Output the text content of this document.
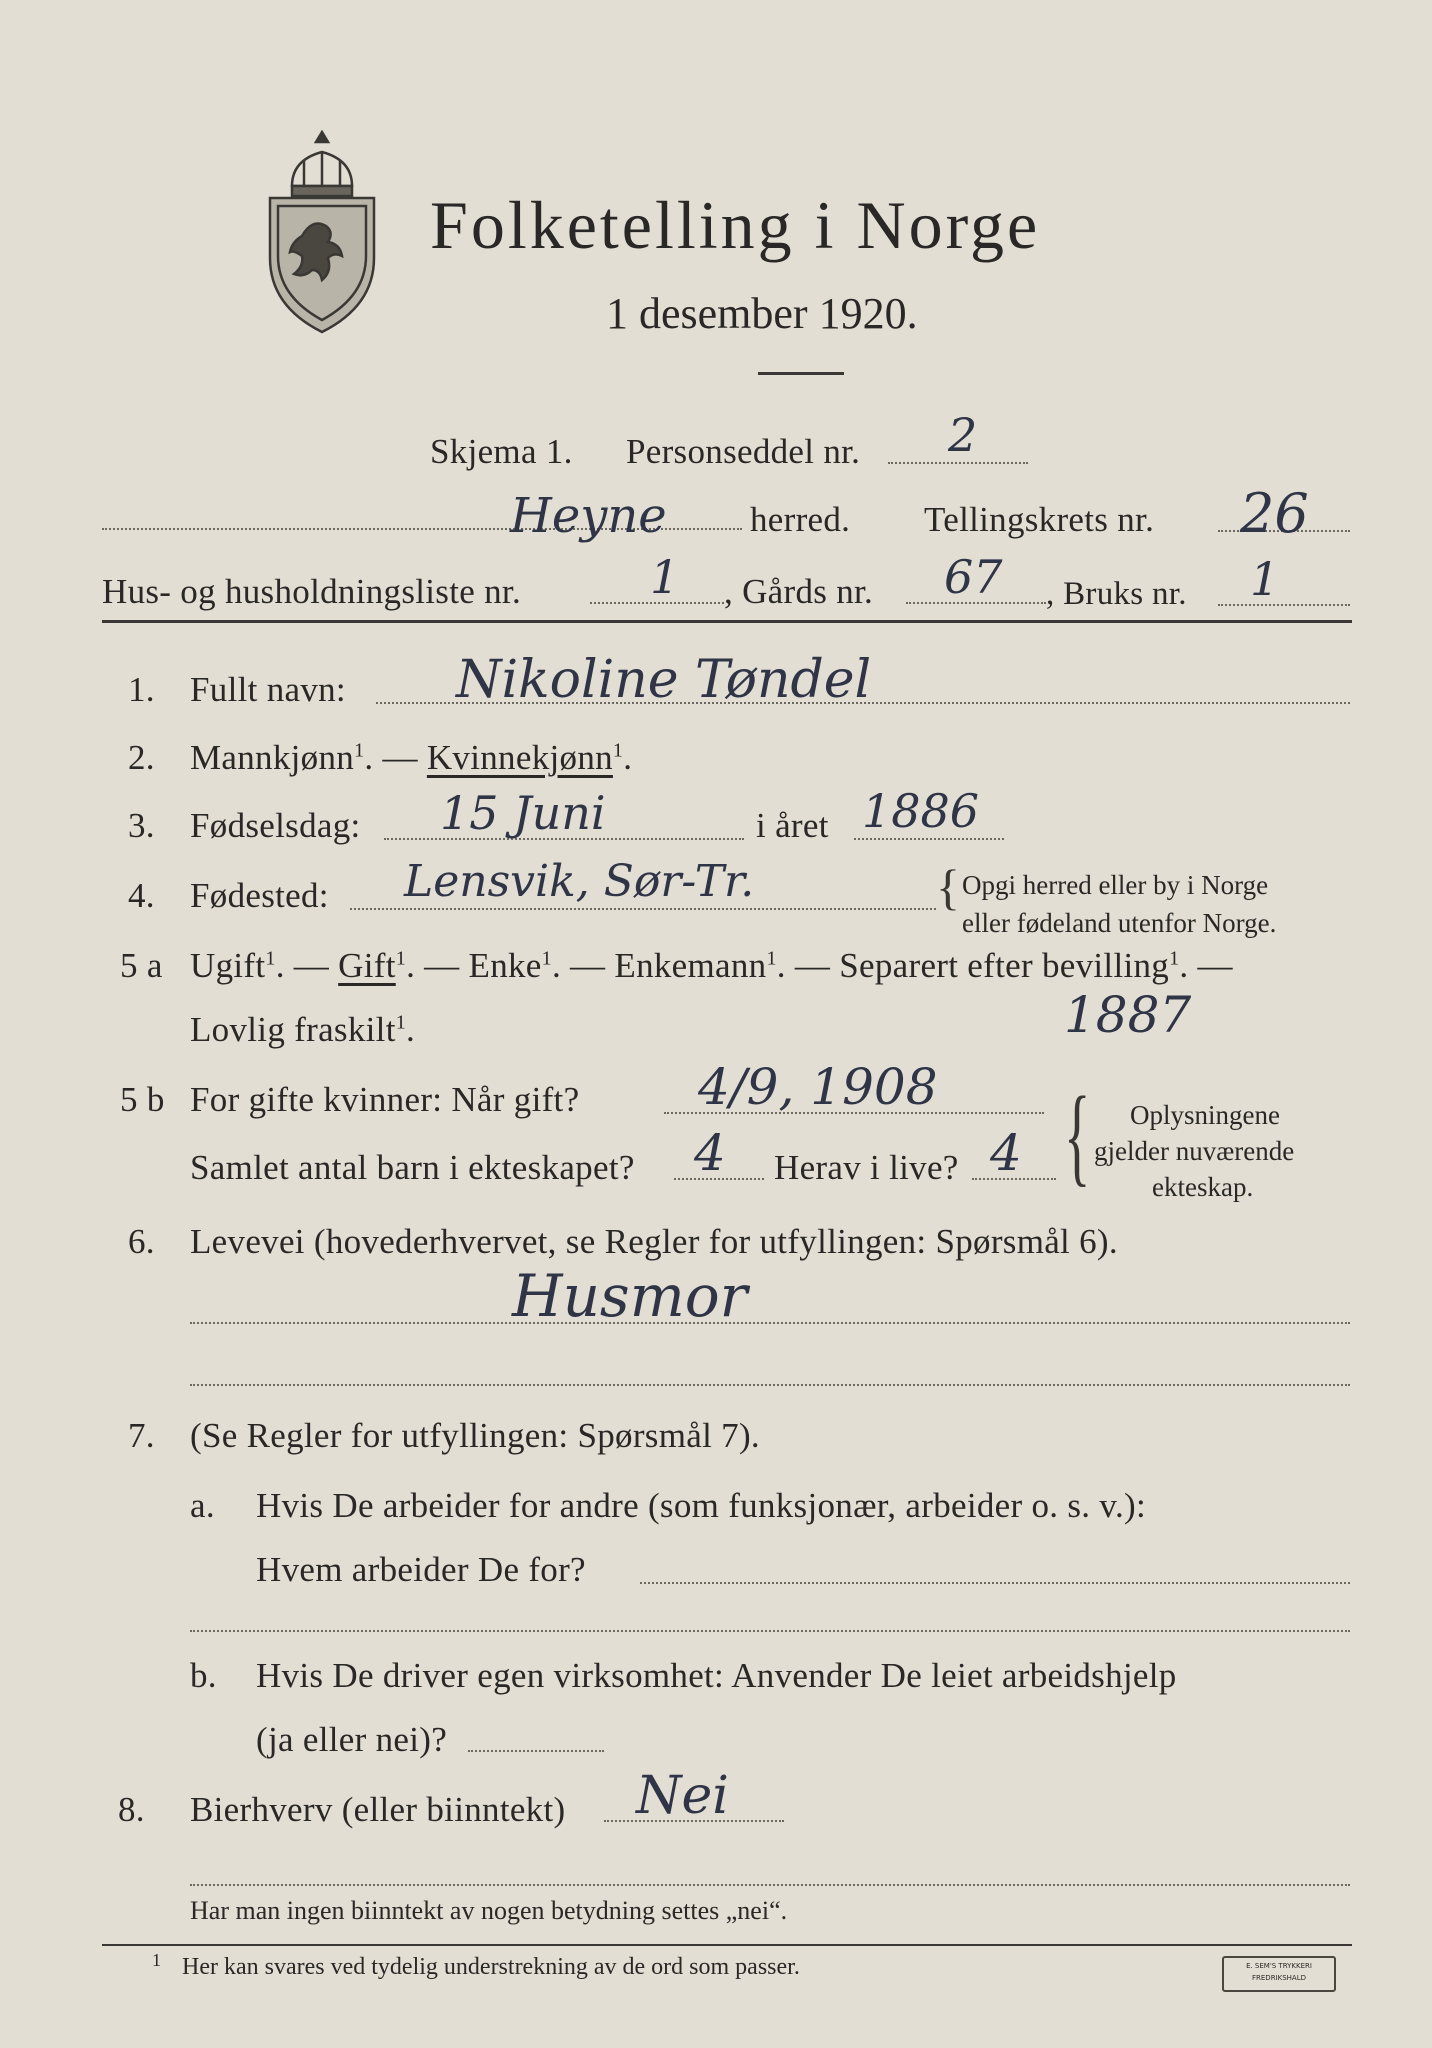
Folketelling i Norge
1 desember 1920.
Skjema 1. Personseddel nr. 2
Heyne herred. Tellingskrets nr. 26
Hus- og husholdningsliste nr.	1 , Gårds nr. 67 , Bruks nr. 1
1. Fullt navn: Nikoline Tøndel
2. Mannkjønn$^1$. — Kvinnekjønn$^1$.
3. Fødselsdag: 15 Juni	i året 1886
4. Fødested: Lensvik, Sør-Tr.	{ Opgi herred eller by i Norge
eller fødeland utenfor Norge.
5 a Ugift$^1$. — Gift$^1$. — Enke$^1$. — Enkemann$^1$. — Separert efter bevilling$^1$. —
Lovlig fraskilt$^1$.	1887
5 b For gifte kvinner: Når gift? 4/9, 1908
Samlet antal barn i ekteskapet? 4 Herav i live? 4 { Oplysningene
gjelder nuværende
ekteskap.
6. Levevei (hovederhvervet, se Regler for utfyllingen: Spørsmål 6).
Husmor
7. (Se Regler for utfyllingen: Spørsmål 7).
a. Hvis De arbeider for andre (som funksjonær, arbeider o. s. v.):
Hvem arbeider De for?
b. Hvis De driver egen virksomhet: Anvender De leiet arbeidshjelp
(ja eller nei)?
8. Bierhverv (eller biinntekt) Nei
Har man ingen biinntekt av nogen betydning settes „nei“.
1 Her kan svares ved tydelig understrekning av de ord som passer.	E. SEM'S TRYKKERI
FREDRIKSHALD
